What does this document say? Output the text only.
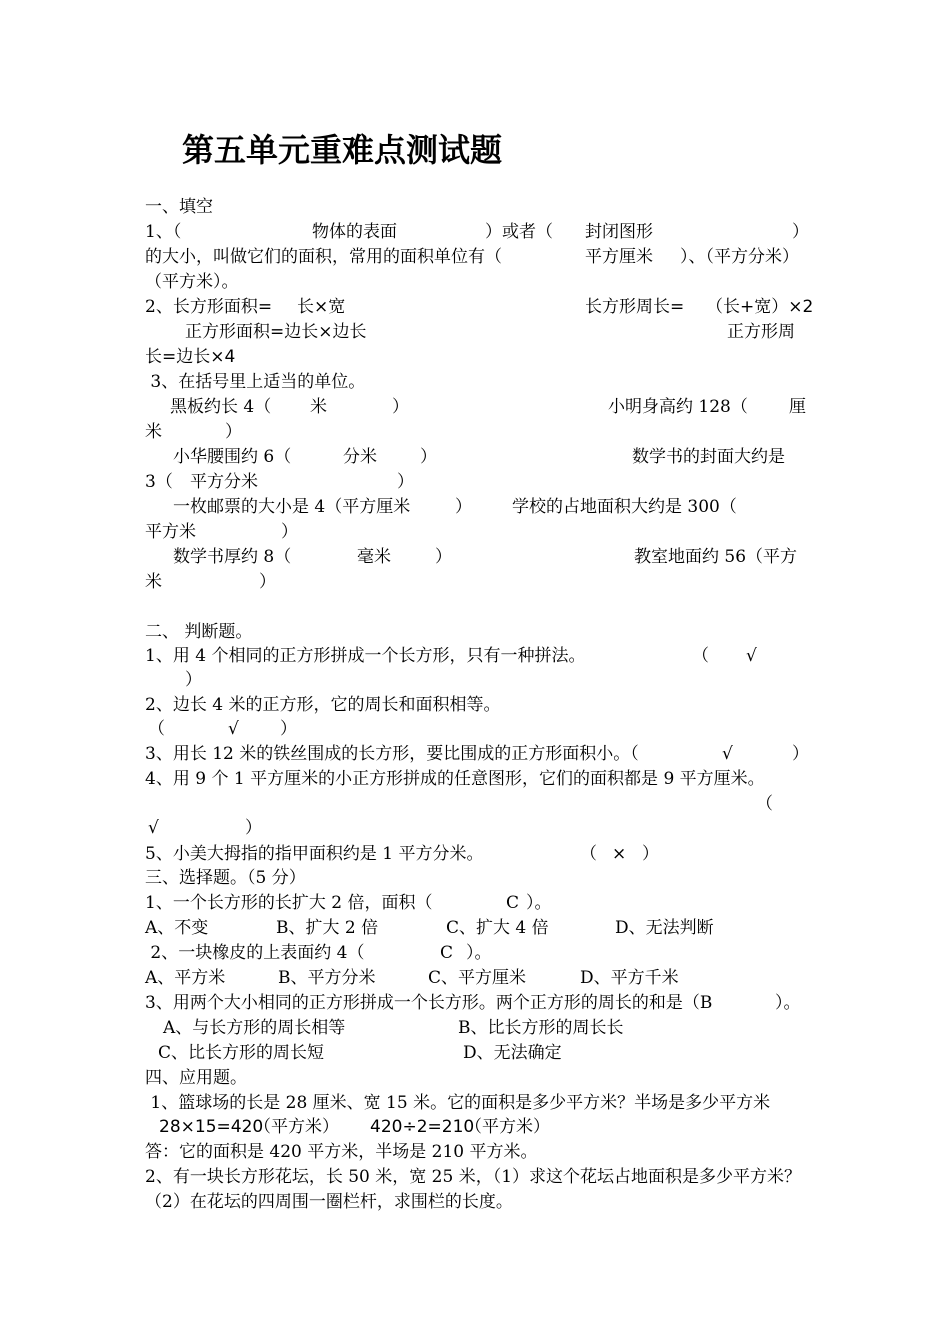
第五单元重难点测试题
一、填空
1、（	物体的表面	）或者（ 封闭图形	）
的大小，叫做它们的面积，常用的面积单位有（	平方厘米 ）、（平方分米）
（平方米）。
2、长方形面积= 长×宽	长方形周长= （长+宽）×2
正方形面积=边长×边长	正方形周
长=边长×4
3、在括号里上适当的单位。
黑板约长 4（ 米	）	小明身高约 128（ 厘
米	）
小华腰围约 6（	分米	）	数学书的封面大约是
3（ 平方分米	）
一枚邮票的大小是 4（平方厘米	） 学校的占地面积大约是 300（
平方米	）
数学书厚约 8（	毫米	）	教室地面约 56（平方
米	）
二、 判断题。
1、用 4 个相同的正方形拼成一个长方形，只有一种拼法。	（ √
）
2、边长 4 米的正方形，它的周长和面积相等。
（	√ ）
3、用长 12 米的铁丝围成的长方形，要比围成的正方形面积小。（	√	）
4、用 9 个 1 平方厘米的小正方形拼成的任意图形，它们的面积都是 9 平方厘米。
（
√	）
5、小美大拇指的指甲面积约是 1 平方分米。	（ × ）
三、选择题。（5 分）
1、一个长方形的长扩大 2 倍，面积（	C ）。
A、不变	B、扩大 2 倍	C、扩大 4 倍	D、无法判断
2、一块橡皮的上表面约 4（	C ）。
A、平方米	B、平方分米	C、平方厘米	D、平方千米
3、用两个大小相同的正方形拼成一个长方形。两个正方形的周长的和是（B	）。
A、与长方形的周长相等	B、比长方形的周长长
C、比长方形的周长短	D、无法确定
四、应用题。
1、篮球场的长是 28 厘米、宽 15 米。它的面积是多少平方米？半场是多少平方米
28×15=420
（平方米） 420÷2=210
（平方米）
答：它的面积是 420 平方米，半场是 210 平方米。
2、有一块长方形花坛，长 50 米，宽 25 米，（1）求这个花坛占地面积是多少平方米？
（2）在花坛的四周围一圈栏杆，求围栏的长度。
